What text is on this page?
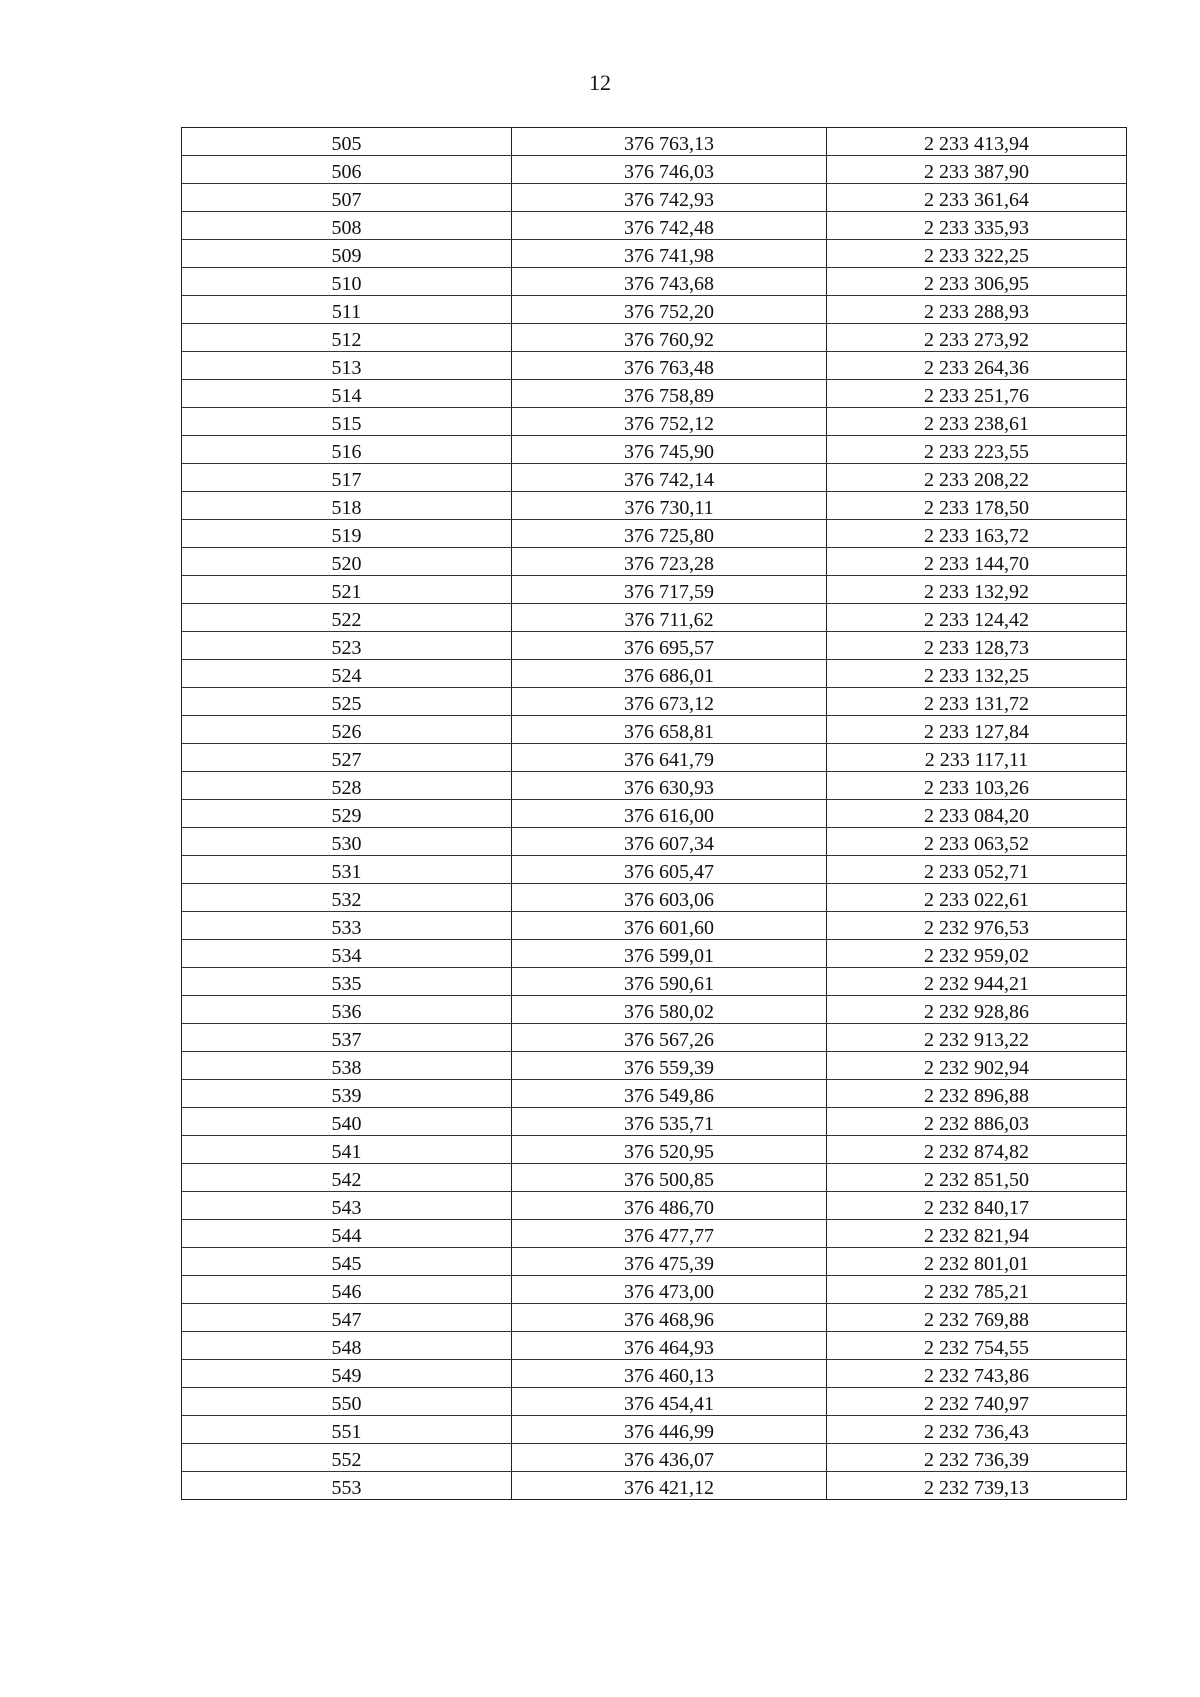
12
505	376 763,13	2 233 413,94
506	376 746,03	2 233 387,90
507	376 742,93	2 233 361,64
508	376 742,48	2 233 335,93
509	376 741,98	2 233 322,25
510	376 743,68	2 233 306,95
511	376 752,20	2 233 288,93
512	376 760,92	2 233 273,92
513	376 763,48	2 233 264,36
514	376 758,89	2 233 251,76
515	376 752,12	2 233 238,61
516	376 745,90	2 233 223,55
517	376 742,14	2 233 208,22
518	376 730,11	2 233 178,50
519	376 725,80	2 233 163,72
520	376 723,28	2 233 144,70
521	376 717,59	2 233 132,92
522	376 711,62	2 233 124,42
523	376 695,57	2 233 128,73
524	376 686,01	2 233 132,25
525	376 673,12	2 233 131,72
526	376 658,81	2 233 127,84
527	376 641,79	2 233 117,11
528	376 630,93	2 233 103,26
529	376 616,00	2 233 084,20
530	376 607,34	2 233 063,52
531	376 605,47	2 233 052,71
532	376 603,06	2 233 022,61
533	376 601,60	2 232 976,53
534	376 599,01	2 232 959,02
535	376 590,61	2 232 944,21
536	376 580,02	2 232 928,86
537	376 567,26	2 232 913,22
538	376 559,39	2 232 902,94
539	376 549,86	2 232 896,88
540	376 535,71	2 232 886,03
541	376 520,95	2 232 874,82
542	376 500,85	2 232 851,50
543	376 486,70	2 232 840,17
544	376 477,77	2 232 821,94
545	376 475,39	2 232 801,01
546	376 473,00	2 232 785,21
547	376 468,96	2 232 769,88
548	376 464,93	2 232 754,55
549	376 460,13	2 232 743,86
550	376 454,41	2 232 740,97
551	376 446,99	2 232 736,43
552	376 436,07	2 232 736,39
553	376 421,12	2 232 739,13
